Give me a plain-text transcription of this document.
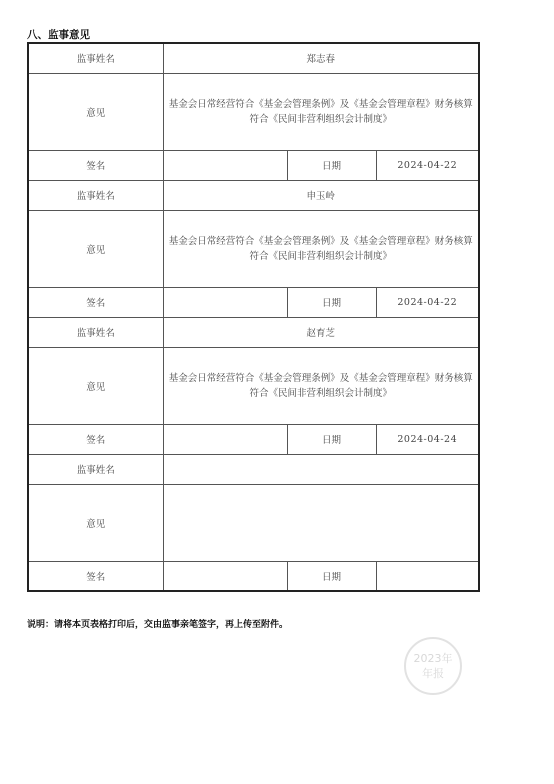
八、监事意见
监事姓名	郑志春		
意见	基金会日常经营符合《基金会管理条例》及《基金会管理章程》财务核算符合《民间非营利组织会计制度》		
签名		日期	2024-04-22
监事姓名	申玉岭		
意见	基金会日常经营符合《基金会管理条例》及《基金会管理章程》财务核算符合《民间非营利组织会计制度》		
签名		日期	2024-04-22
监事姓名	赵育芝		
意见	基金会日常经营符合《基金会管理条例》及《基金会管理章程》财务核算符合《民间非营利组织会计制度》		
签名		日期	2024-04-24
监事姓名			
意见			
签名		日期	
说明：请将本页表格打印后，交由监事亲笔签字，再上传至附件。
2023年
年报
